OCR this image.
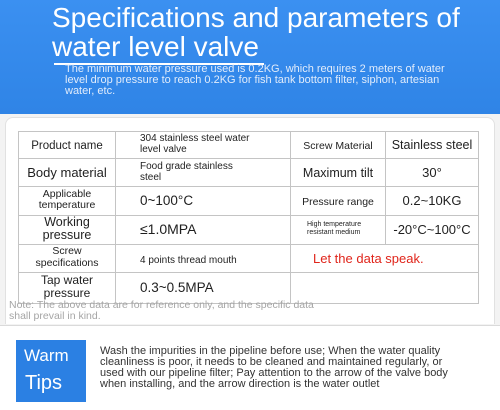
Specifications and parameters of
water level valve
The minimum water pressure used is 0.2KG, which requires 2 meters of water
level drop pressure to reach 0.2KG for fish tank bottom filter, siphon, artesian
water, etc.
Product name	304 stainless steel water level valve	Screw Material	Stainless steel
Body material	Food grade stainless steel	Maximum tilt	30°
Applicable temperature	0~100°C	Pressure range	0.2~10KG
Working pressure	≤1.0MPA	High temperature resistant medium	-20°C~100°C
Screw specifications	4 points thread mouth	Let the data speak.	
Tap water pressure	0.3~0.5MPA		
Note: The above data are for reference only, and the specific data
shall prevail in kind.
Warm
Tips
Wash the impurities in the pipeline before use; When the water quality
cleanliness is poor, it needs to be cleaned and maintained regularly, or
used with our pipeline filter; Pay attention to the arrow of the valve body
when installing, and the arrow direction is the water outlet
